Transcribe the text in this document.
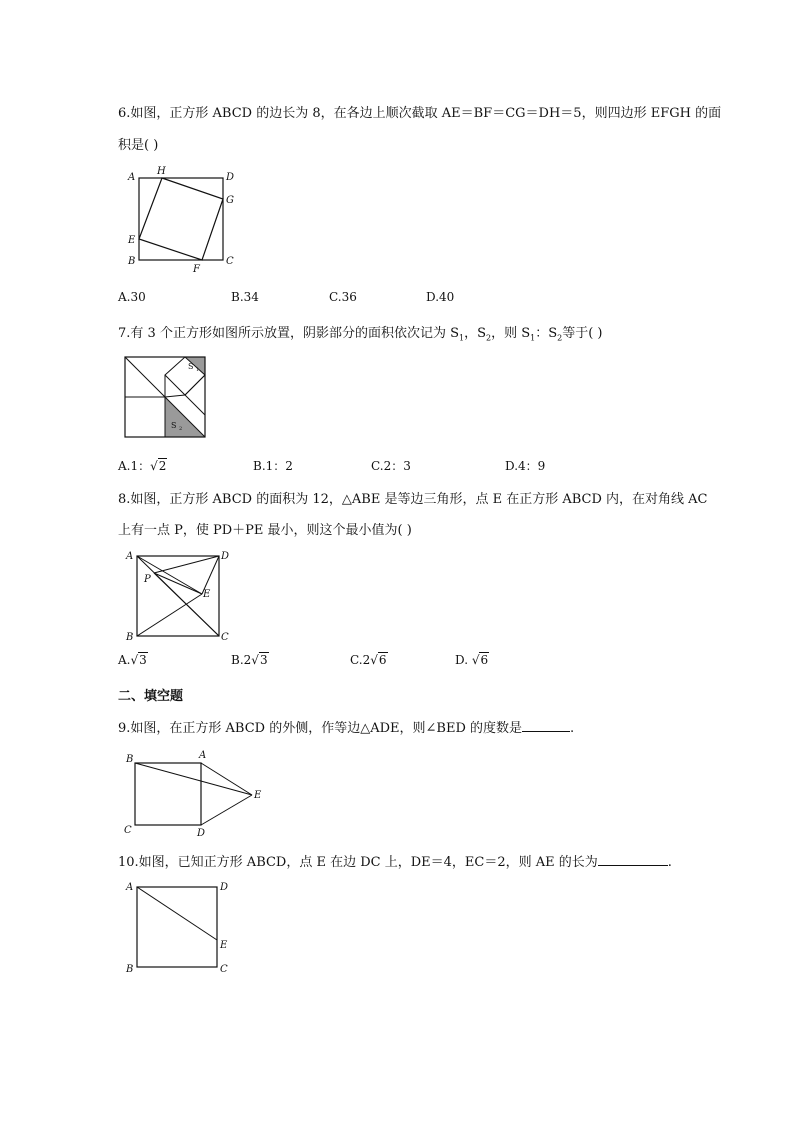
6.如图，正方形 ABCD 的边长为 8，在各边上顺次截取 AE＝BF＝CG＝DH＝5，则四边形 EFGH 的面
积是( )
A
H
D
G
E
B
F
C
A.30	B.34	C.36	D.40
7.有 3 个正方形如图所示放置，阴影部分的面积依次记为 $S_1$，$S_2$，则 $S_1$：$S_2$等于( )
S 1
S 2
A.1：√2	B.1：2	C.2：3	D.4：9
8.如图，正方形 ABCD 的面积为 12，△ABE 是等边三角形，点 E 在正方形 ABCD 内，在对角线 AC
上有一点 P，使 PD＋PE 最小，则这个最小值为( )
A	D
P
E
B	C
A.√3	B.2√3	C.2√6	D. √6
二、填空题
9.如图，在正方形 ABCD 的外侧，作等边△ADE，则∠BED 的度数是	.
B	A
E
C	D
10.如图，已知正方形 ABCD，点 E 在边 DC 上，DE＝4，EC＝2，则 AE 的长为	.
A	D
E
B	C
